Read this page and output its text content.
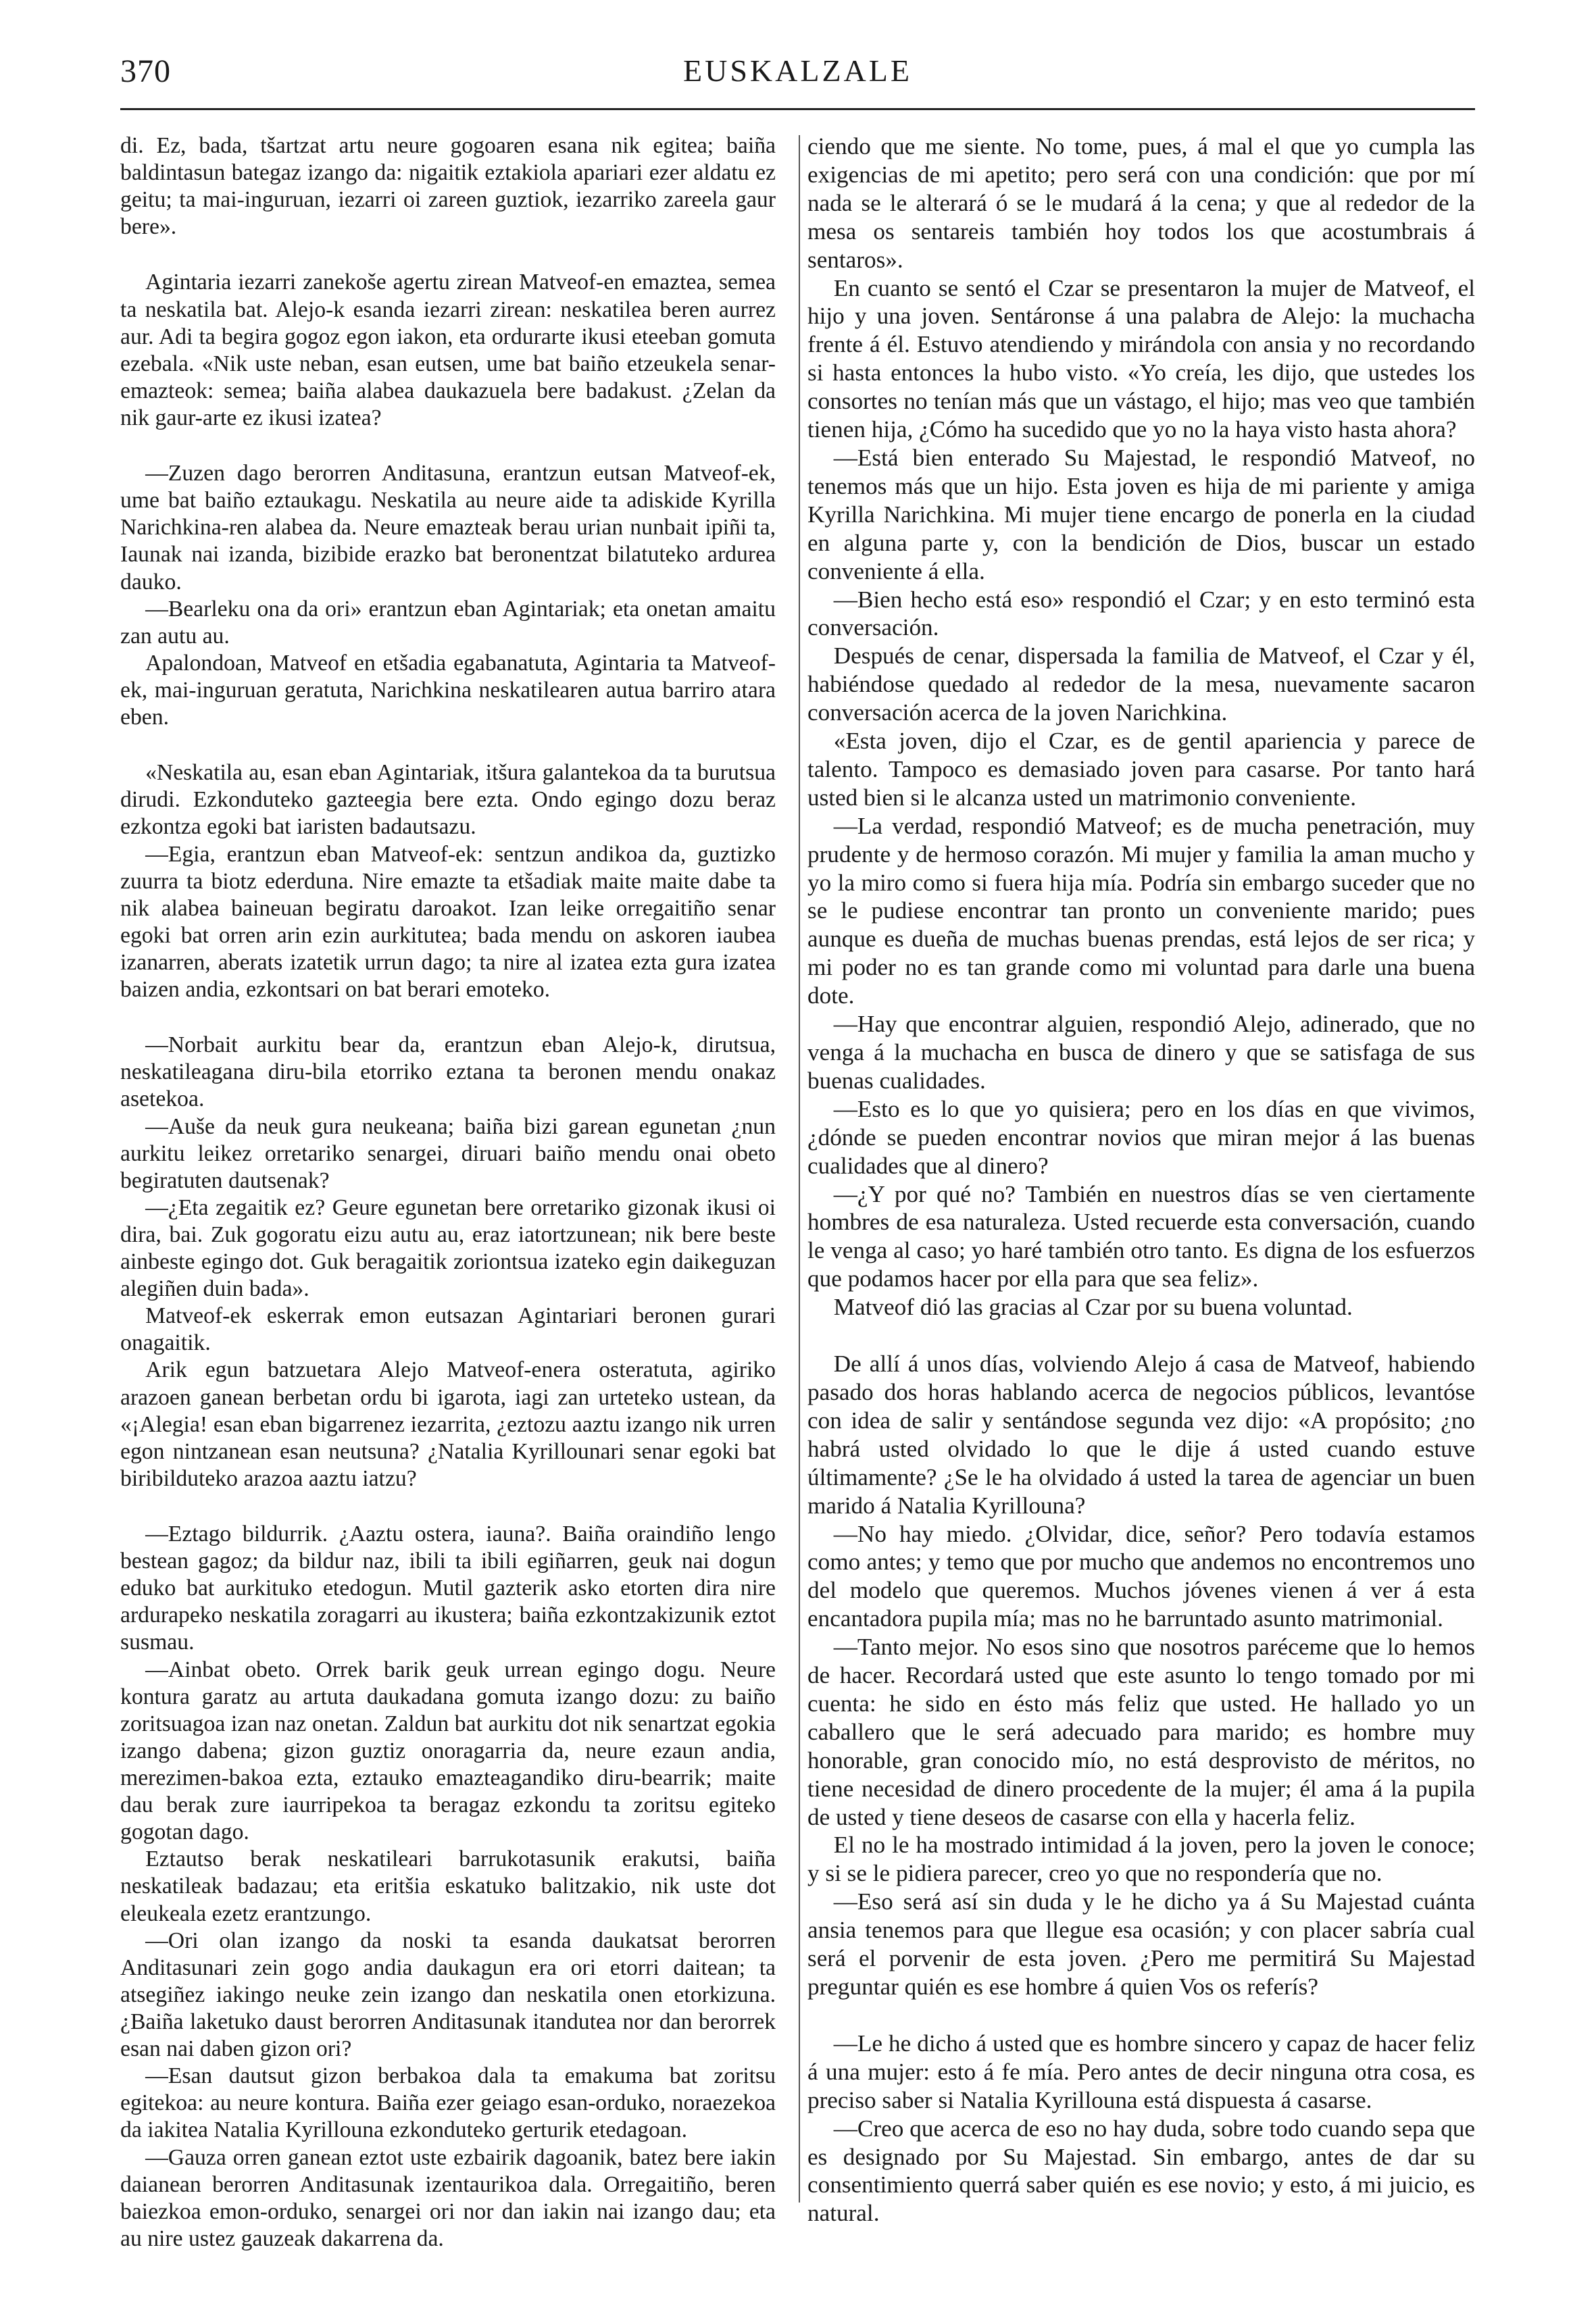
370	EUSKALZALE

di. Ez, bada, tšartzat artu neure gogoaren esana nik egitea; baiña baldintasun bategaz izango da: nigaitik eztakiola apariari ezer aldatu ez geitu; ta mai-inguruan, iezarri oi zareen guztiok, iezarriko zareela gaur bere».

Agintaria iezarri zanekoše agertu zirean Matveof-en emaztea, semea ta neskatila bat. Alejo-k esanda iezarri zirean: neskatilea beren aurrez aur. Adi ta begira gogoz egon iakon, eta ordurarte ikusi eteeban gomuta ezebala. «Nik uste neban, esan eutsen, ume bat baiño etzeukela senar-emazteok: semea; baiña alabea daukazuela bere badakust. ¿Zelan da nik gaur-arte ez ikusi izatea?

—Zuzen dago berorren Anditasuna, erantzun eutsan Matveof-ek, ume bat baiño eztaukagu. Neskatila au neure aide ta adiskide Kyrilla Narichkina-ren alabea da. Neure emazteak berau urian nunbait ipiñi ta, Iaunak nai izanda, bizibide erazko bat beronentzat bilatuteko ardurea dauko.

—Bearleku ona da ori» erantzun eban Agintariak; eta onetan amaitu zan autu au.

Apalondoan, Matveof en etšadia egabanatuta, Agintaria ta Matveof-ek, mai-inguruan geratuta, Narichkina neskatilearen autua barriro atara eben.

«Neskatila au, esan eban Agintariak, itšura galantekoa da ta burutsua dirudi. Ezkonduteko gazteegia bere ezta. Ondo egingo dozu beraz ezkontza egoki bat iaristen badautsazu.

—Egia, erantzun eban Matveof-ek: sentzun andikoa da, guztizko zuurra ta biotz ederduna. Nire emazte ta etšadiak maite maite dabe ta nik alabea baineuan begiratu daroakot. Izan leike orregaitiño senar egoki bat orren arin ezin aurkitutea; bada mendu on askoren iaubea izanarren, aberats izatetik urrun dago; ta nire al izatea ezta gura izatea baizen andia, ezkontsari on bat berari emoteko.

—Norbait aurkitu bear da, erantzun eban Alejo-k, dirutsua, neskatileagana diru-bila etorriko eztana ta beronen mendu onakaz asetekoa.

—Auše da neuk gura neukeana; baiña bizi garean egunetan ¿nun aurkitu leikez orretariko senargei, diruari baiño mendu onai obeto begiratuten dautsenak?

—¿Eta zegaitik ez? Geure egunetan bere orretariko gizonak ikusi oi dira, bai. Zuk gogoratu eizu autu au, eraz iatortzunean; nik bere beste ainbeste egingo dot. Guk beragaitik zoriontsua izateko egin daikeguzan alegiñen duin bada».

Matveof-ek eskerrak emon eutsazan Agintariari beronen gurari onagaitik.

Arik egun batzuetara Alejo Matveof-enera osteratuta, agiriko arazoen ganean berbetan ordu bi igarota, iagi zan urteteko ustean, da «¡Alegia! esan eban bigarrenez iezarrita, ¿eztozu aaztu izango nik urren egon nintzanean esan neutsuna? ¿Natalia Kyrillounari senar egoki bat biribilduteko arazoa aaztu iatzu?

—Eztago bildurrik. ¿Aaztu ostera, iauna?. Baiña oraindiño lengo bestean gagoz; da bildur naz, ibili ta ibili egiñarren, geuk nai dogun eduko bat aurkituko etedogun. Mutil gazterik asko etorten dira nire ardurapeko neskatila zoragarri au ikustera; baiña ezkontzakizunik eztot susmau.

—Ainbat obeto. Orrek barik geuk urrean egingo dogu. Neure kontura garatz au artuta daukadana gomuta izango dozu: zu baiño zoritsuagoa izan naz onetan. Zaldun bat aurkitu dot nik senartzat egokia izango dabena; gizon guztiz onoragarria da, neure ezaun andia, merezimen-bakoa ezta, eztauko emazteagandiko diru-bearrik; maite dau berak zure iaurripekoa ta beragaz ezkondu ta zoritsu egiteko gogotan dago.

Eztautso berak neskatileari barrukotasunik erakutsi, baiña neskatileak badazau; eta eritšia eskatuko balitzakio, nik uste dot eleukeala ezetz erantzungo.

—Ori olan izango da noski ta esanda daukatsat berorren Anditasunari zein gogo andia daukagun era ori etorri daitean; ta atsegiñez iakingo neuke zein izango dan neskatila onen etorkizuna. ¿Baiña laketuko daust berorren Anditasunak itandutea nor dan berorrek esan nai daben gizon ori?

—Esan dautsut gizon berbakoa dala ta emakuma bat zoritsu egitekoa: au neure kontura. Baiña ezer geiago esan-orduko, noraezekoa da iakitea Natalia Kyrillouna ezkonduteko gerturik etedagoan.

—Gauza orren ganean eztot uste ezbairik dagoanik, batez bere iakin daianean berorren Anditasunak izentaurikoa dala. Orregaitiño, beren baiezkoa emon-orduko, senargei ori nor dan iakin nai izango dau; eta au nire ustez gauzeak dakarrena da.

ciendo que me siente. No tome, pues, á mal el que yo cumpla las exigencias de mi apetito; pero será con una condición: que por mí nada se le alterará ó se le mudará á la cena; y que al rededor de la mesa os sentareis también hoy todos los que acostumbrais á sentaros».

En cuanto se sentó el Czar se presentaron la mujer de Matveof, el hijo y una joven. Sentáronse á una palabra de Alejo: la muchacha frente á él. Estuvo atendiendo y mirándola con ansia y no recordando si hasta entonces la hubo visto. «Yo creía, les dijo, que ustedes los consortes no tenían más que un vástago, el hijo; mas veo que también tienen hija, ¿Cómo ha sucedido que yo no la haya visto hasta ahora?

—Está bien enterado Su Majestad, le respondió Matveof, no tenemos más que un hijo. Esta joven es hija de mi pariente y amiga Kyrilla Narichkina. Mi mujer tiene encargo de ponerla en la ciudad en alguna parte y, con la bendición de Dios, buscar un estado conveniente á ella.

—Bien hecho está eso» respondió el Czar; y en esto terminó esta conversación.

Después de cenar, dispersada la familia de Matveof, el Czar y él, habiéndose quedado al rededor de la mesa, nuevamente sacaron conversación acerca de la joven Narichkina.

«Esta joven, dijo el Czar, es de gentil apariencia y parece de talento. Tampoco es demasiado joven para casarse. Por tanto hará usted bien si le alcanza usted un matrimonio conveniente.

—La verdad, respondió Matveof; es de mucha penetración, muy prudente y de hermoso corazón. Mi mujer y familia la aman mucho y yo la miro como si fuera hija mía. Podría sin embargo suceder que no se le pudiese encontrar tan pronto un conveniente marido; pues aunque es dueña de muchas buenas prendas, está lejos de ser rica; y mi poder no es tan grande como mi voluntad para darle una buena dote.

—Hay que encontrar alguien, respondió Alejo, adinerado, que no venga á la muchacha en busca de dinero y que se satisfaga de sus buenas cualidades.

—Esto es lo que yo quisiera; pero en los días en que vivimos, ¿dónde se pueden encontrar novios que miran mejor á las buenas cualidades que al dinero?

—¿Y por qué no? También en nuestros días se ven ciertamente hombres de esa naturaleza. Usted recuerde esta conversación, cuando le venga al caso; yo haré también otro tanto. Es digna de los esfuerzos que podamos hacer por ella para que sea feliz».

Matveof dió las gracias al Czar por su buena voluntad.

De allí á unos días, volviendo Alejo á casa de Matveof, habiendo pasado dos horas hablando acerca de negocios públicos, levantóse con idea de salir y sentándose segunda vez dijo: «A propósito; ¿no habrá usted olvidado lo que le dije á usted cuando estuve últimamente? ¿Se le ha olvidado á usted la tarea de agenciar un buen marido á Natalia Kyrillouna?

—No hay miedo. ¿Olvidar, dice, señor? Pero todavía estamos como antes; y temo que por mucho que andemos no encontremos uno del modelo que queremos. Muchos jóvenes vienen á ver á esta encantadora pupila mía; mas no he barruntado asunto matrimonial.

—Tanto mejor. No esos sino que nosotros paréceme que lo hemos de hacer. Recordará usted que este asunto lo tengo tomado por mi cuenta: he sido en ésto más feliz que usted. He hallado yo un caballero que le será adecuado para marido; es hombre muy honorable, gran conocido mío, no está desprovisto de méritos, no tiene necesidad de dinero procedente de la mujer; él ama á la pupila de usted y tiene deseos de casarse con ella y hacerla feliz.

El no le ha mostrado intimidad á la joven, pero la joven le conoce; y si se le pidiera parecer, creo yo que no respondería que no.

—Eso será así sin duda y le he dicho ya á Su Majestad cuánta ansia tenemos para que llegue esa ocasión; y con placer sabría cual será el porvenir de esta joven. ¿Pero me permitirá Su Majestad preguntar quién es ese hombre á quien Vos os referís?

—Le he dicho á usted que es hombre sincero y capaz de hacer feliz á una mujer: esto á fe mía. Pero antes de decir ninguna otra cosa, es preciso saber si Natalia Kyrillouna está dispuesta á casarse.

—Creo que acerca de eso no hay duda, sobre todo cuando sepa que es designado por Su Majestad. Sin embargo, antes de dar su consentimiento querrá saber quién es ese novio; y esto, á mi juicio, es natural.
